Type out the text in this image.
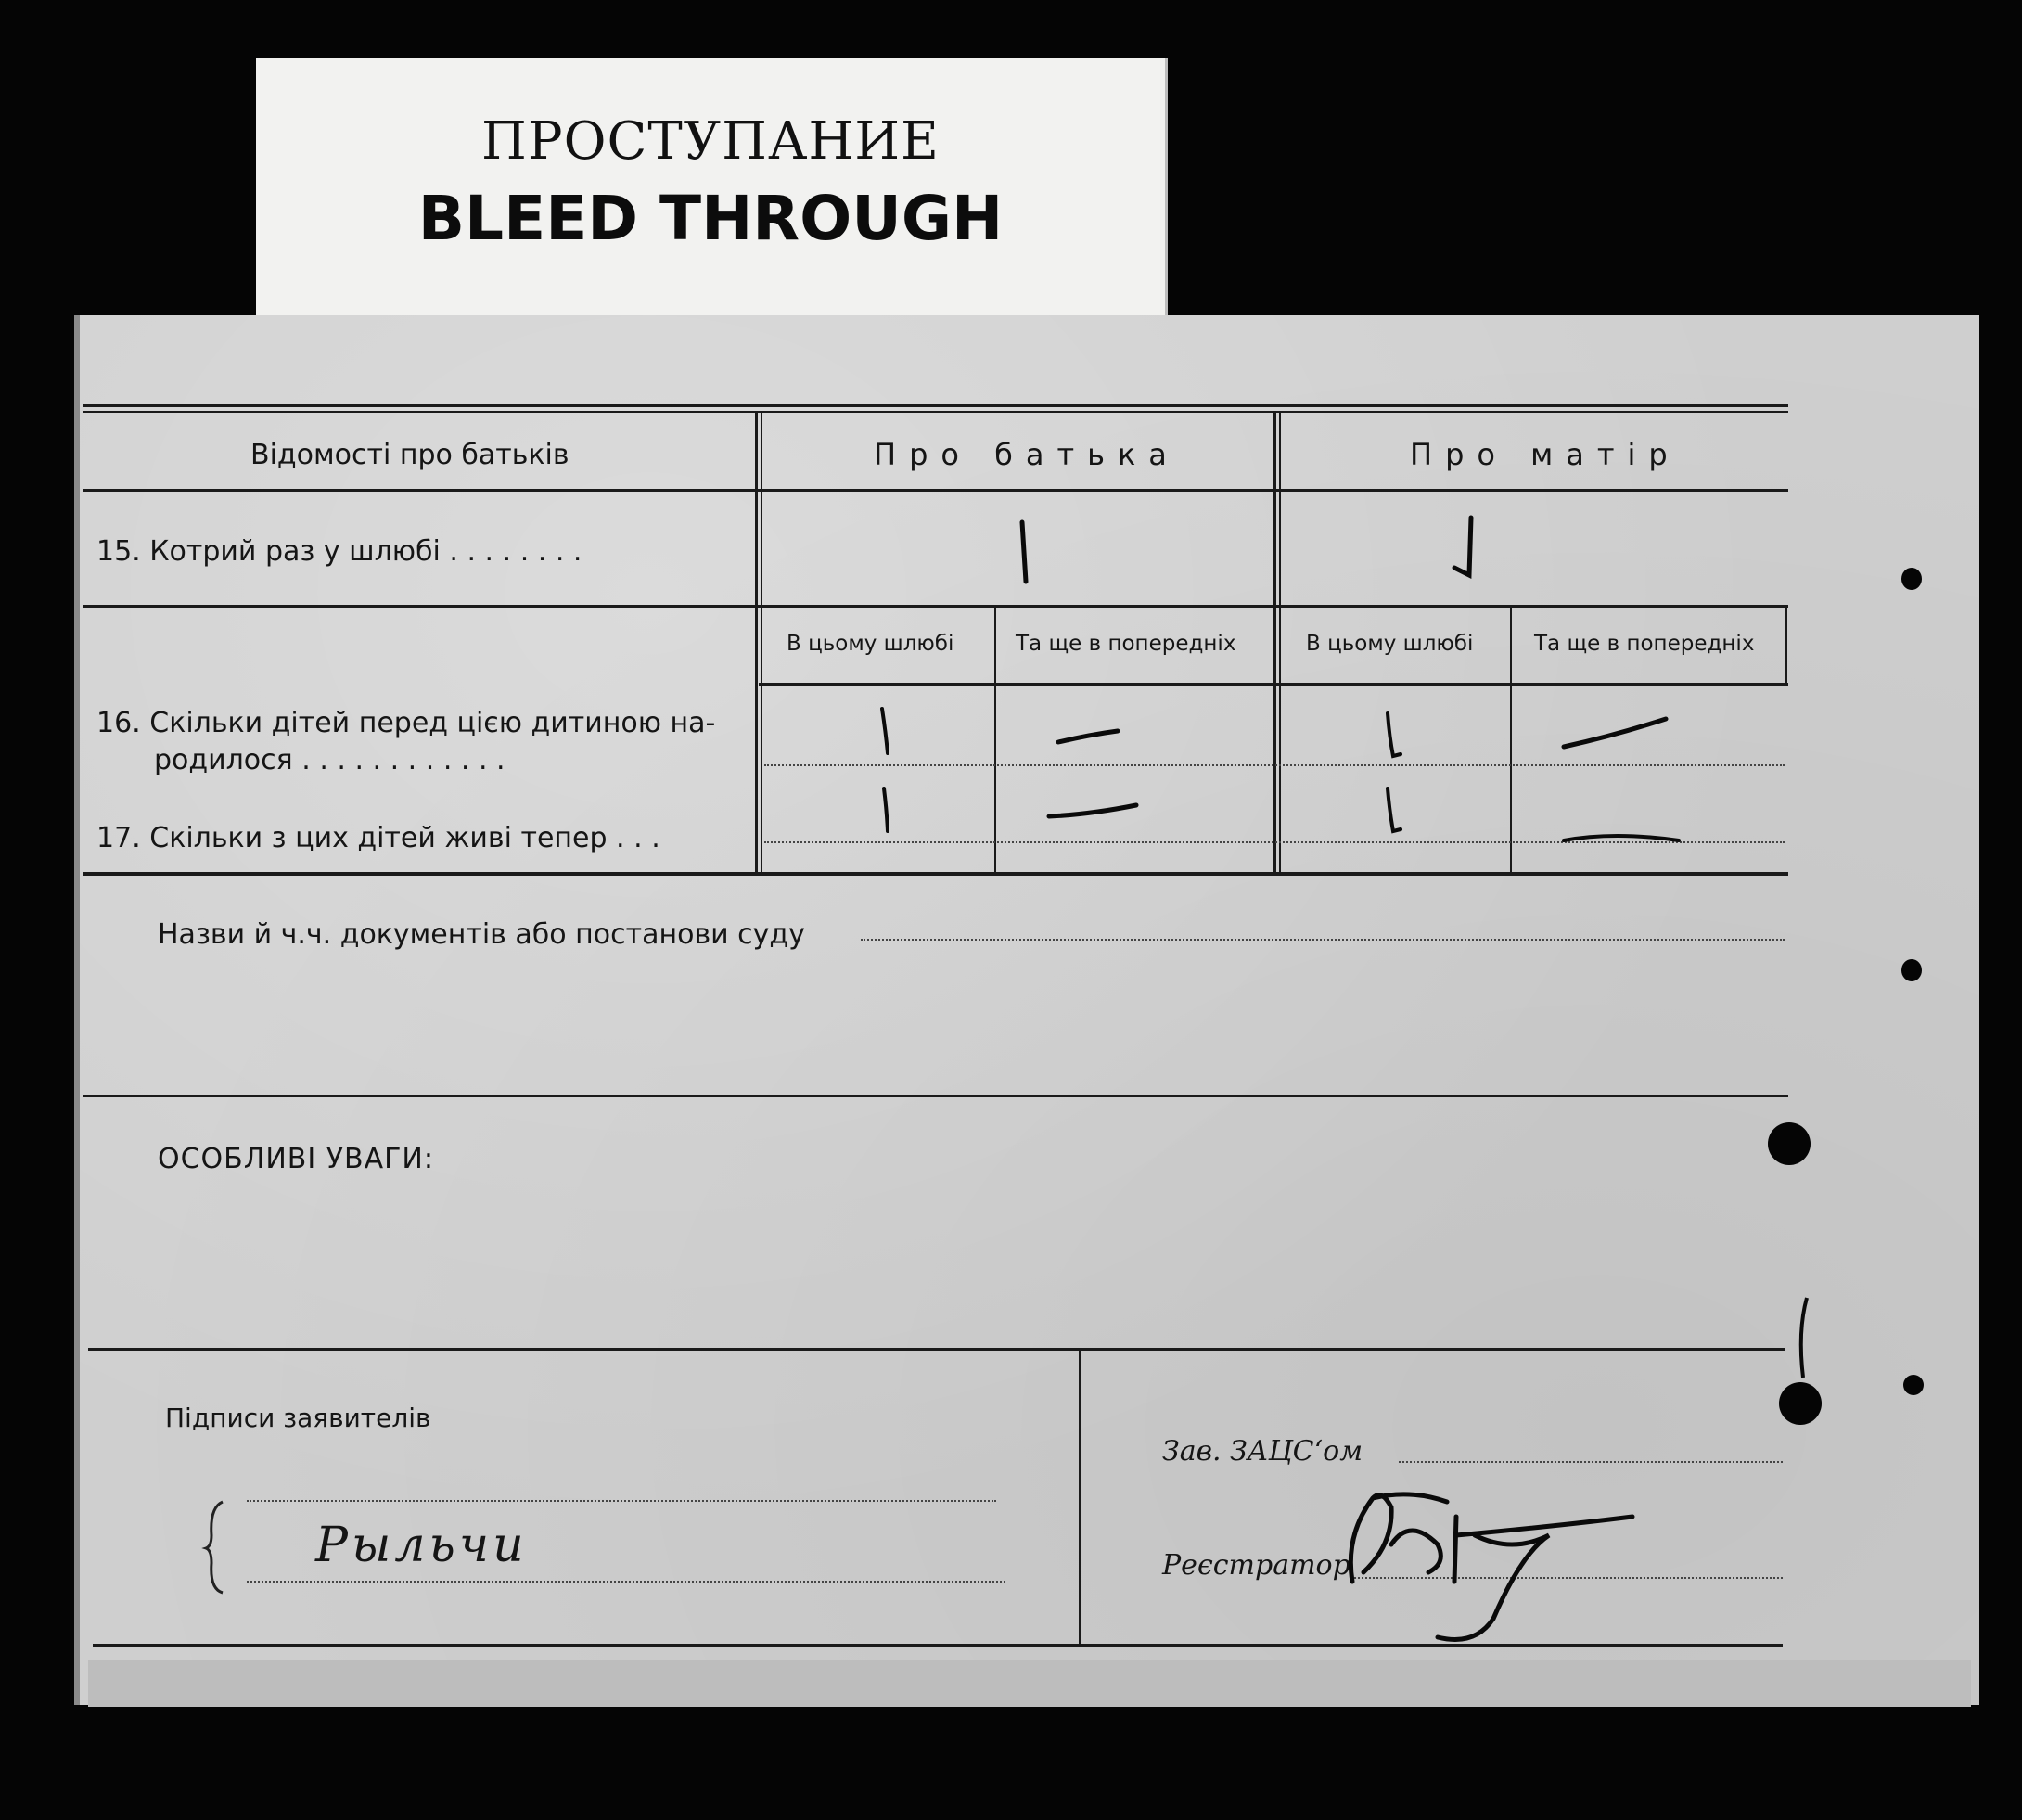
ПРОСТУПАНИЕ
BLEED THROUGH
Відомості про батьків	Про батька	Про матір
15. Котрий раз у шлюбі . . . . . . . .
В цьому шлюбі	Та ще в попередніх	В цьому шлюбі	Та ще в попередніх
16. Скільки дітей перед цією дитиною на-
родилося . . . . . . . . . . . .
17. Скільки з цих дітей живі тепер . . .
Назви й ч.ч. документів або постанови суду
ОСОБЛИВІ УВАГИ:
Підписи заявителів
Рыльчи
Зав. ЗАЦС‘ом
Реєстратор
